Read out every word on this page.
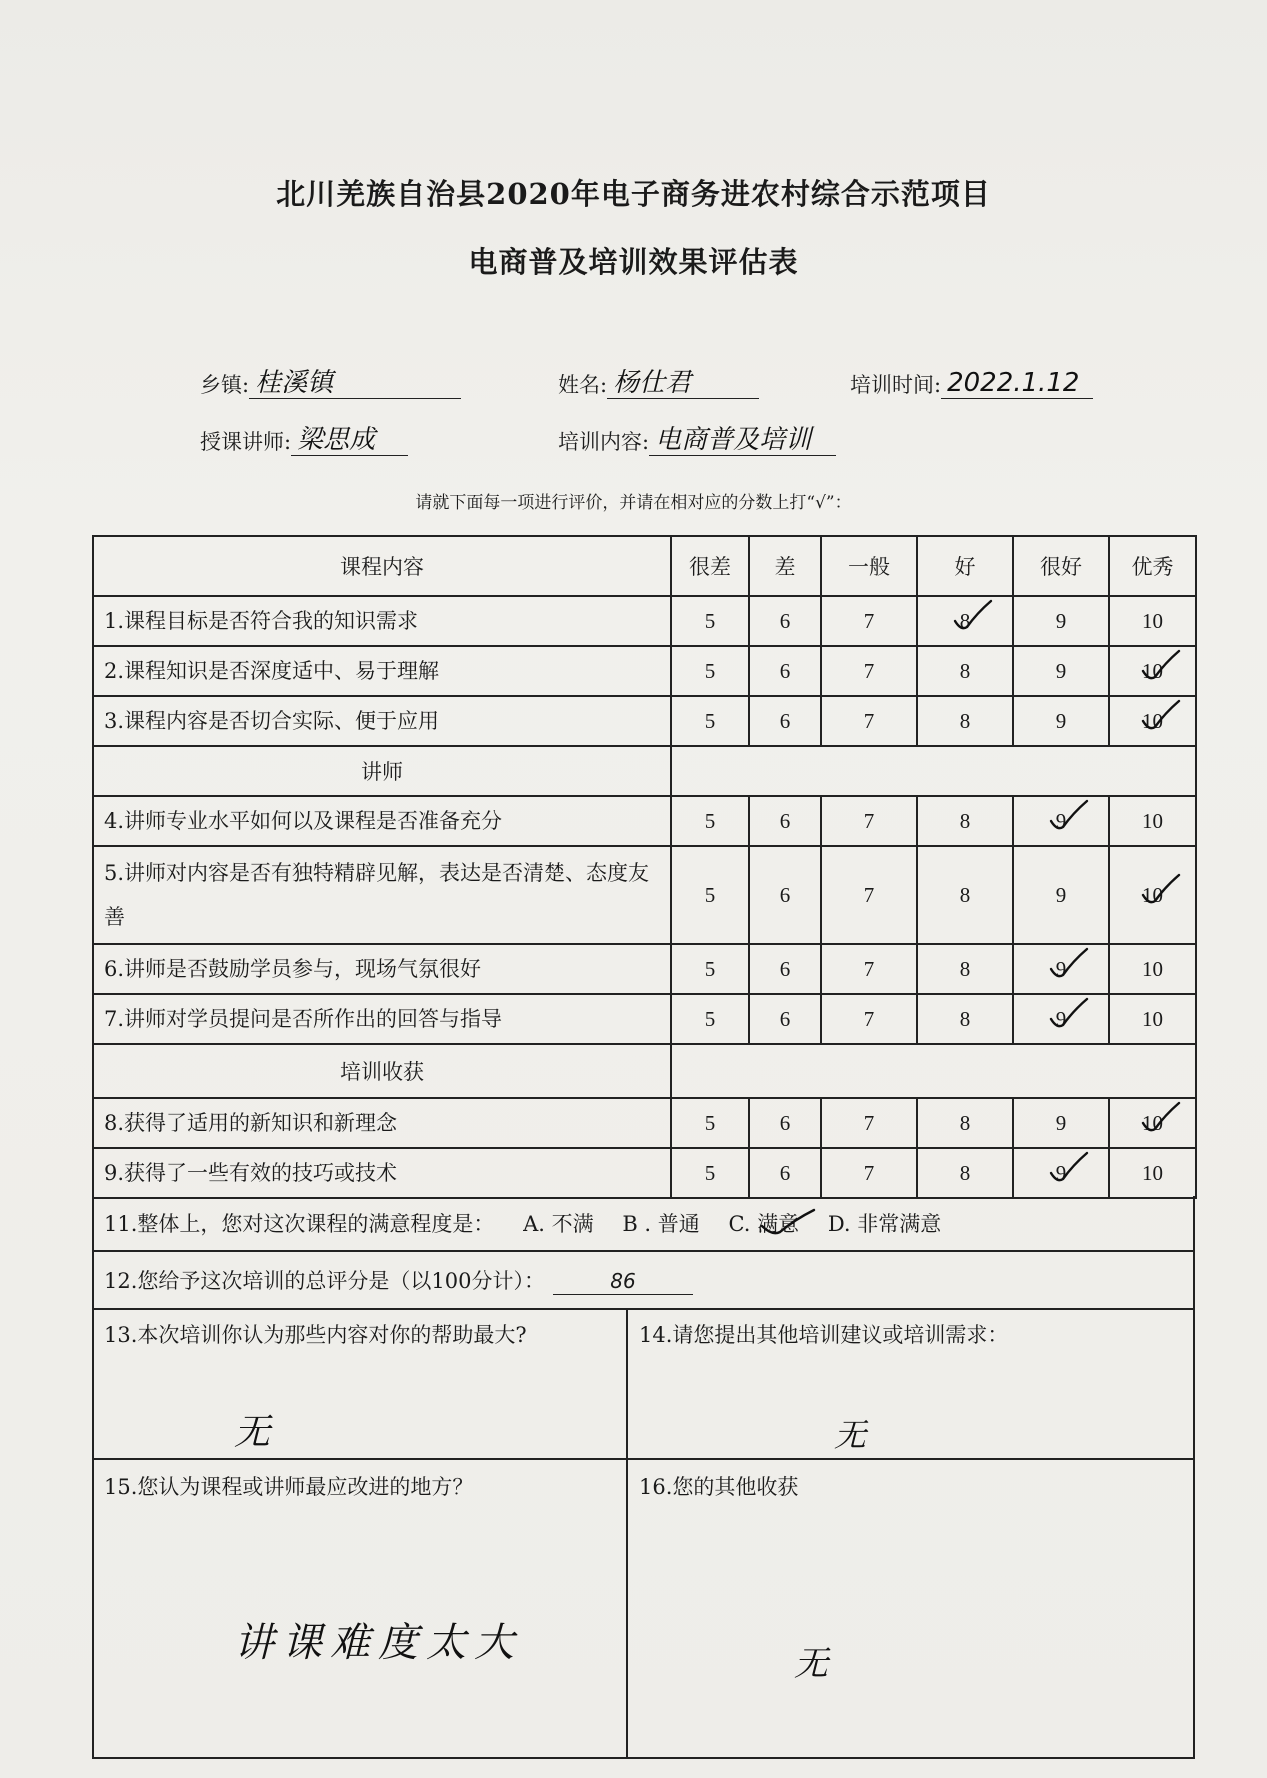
北川羌族自治县2020年电子商务进农村综合示范项目
电商普及培训效果评估表
乡镇: 桂溪镇	姓名: 杨仕君	培训时间: 2022.1.12
授课讲师: 梁思成	培训内容: 电商普及培训
请就下面每一项进行评价，并请在相对应的分数上打“√”：
课程内容	很差	差	一般	好	很好	优秀
1.课程目标是否符合我的知识需求	5	6	7	8	9	10
2.课程知识是否深度适中、易于理解	5	6	7	8	9	10

3.课程内容是否切合实际、便于应用	5	6	7	8	9	10

讲师						
4.讲师专业水平如何以及课程是否准备充分	5	6	7	8	9	10
5.讲师对内容是否有独特精辟见解，表达是否清楚、态度友善	5	6	7	8	9	10

6.讲师是否鼓励学员参与，现场气氛很好	5	6	7	8	9	10
7.讲师对学员提问是否所作出的回答与指导	5	6	7	8	9	10
培训收获						
8.获得了适用的新知识和新理念	5	6	7	8	9	10

9.获得了一些有效的技巧或技术	5	6	7	8	9	10
11.整体上，您对这次课程的满意程度是： A. 不满 B . 普通 C. 满意 D. 非常满意
12.您给予这次培训的总评分是（以100分计）：	86
13.本次培训你认为那些内容对你的帮助最大?	14.请您提出其他培训建议或培训需求：
15.您认为课程或讲师最应改进的地方？	16.您的其他收获
无	无
讲课难度太大	无
